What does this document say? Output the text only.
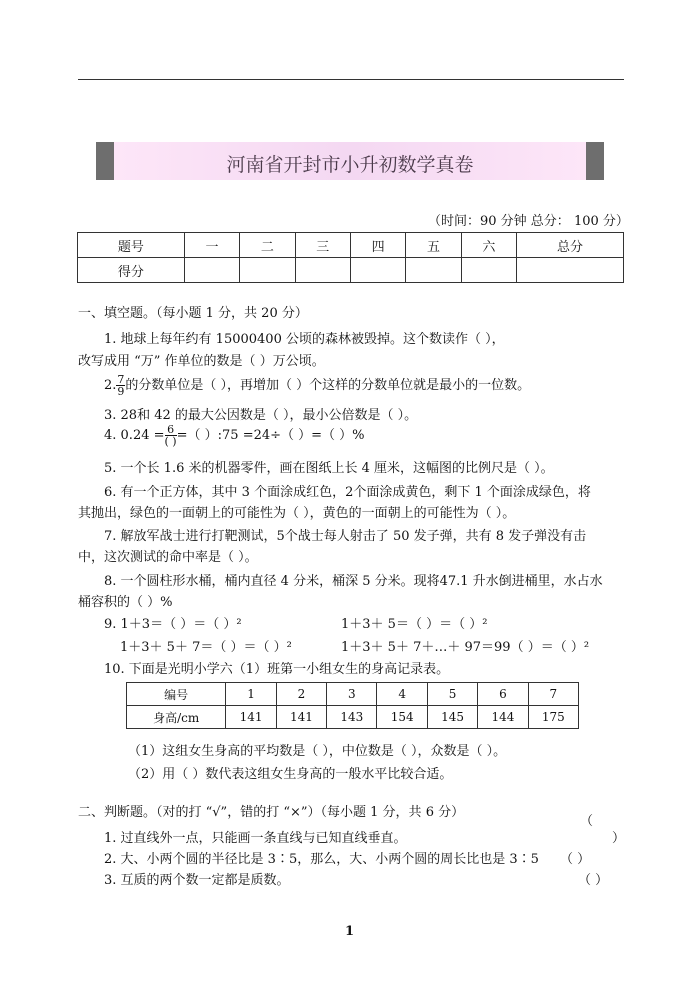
河南省开封市小升初数学真卷
（时间：90 分钟 总分： 100 分）
题号	一	二	三	四	五	六	总分
得分							
一、填空题。（每小题 1 分，共 20 分）
1. 地球上每年约有 15000400 公顷的森林被毁掉。这个数读作（ ），
改写成用 “万” 作单位的数是（ ）万公顷。
2. $\frac{7}{9}$ 的分数单位是（ ），再增加（ ）个这样的分数单位就是最小的一位数。
3. 28和 42 的最大公因数是（ ），最小公倍数是（ ）。
4. $0.24 = \frac{6}{( )}$ =（ ）:75 =24÷（ ）=（ ）%
5. 一个长 1.6 米的机器零件，画在图纸上长 4 厘米，这幅图的比例尺是（ ）。
6. 有一个正方体，其中 3 个面涂成红色，2个面涂成黄色，剩下 1 个面涂成绿色，将
其抛出，绿色的一面朝上的可能性为（ ），黄色的一面朝上的可能性为（ ）。
7. 解放军战士进行打靶测试，5个战士每人射击了 50 发子弹，共有 8 发子弹没有击
中，这次测试的命中率是（ ）。
8. 一个圆柱形水桶，桶内直径 4 分米，桶深 5 分米。现将47.1 升水倒进桶里，水占水
桶容积的（ ）%
9. 1＋3＝（ ）＝（ ）²	1＋3＋ 5＝（ ）＝（ ）²
1＋3＋ 5＋ 7＝（ ）＝（ ）²	1＋3＋ 5＋ 7＋…＋ 97＝99（ ）＝（ ）²
10. 下面是光明小学六（1）班第一小组女生的身高记录表。
编号	1	2	3	4	5	6	7
身高/cm	141	141	143	154	145	144	175
（1）这组女生身高的平均数是（ ），中位数是（ ），众数是（ ）。
（2）用（ ）数代表这组女生身高的一般水平比较合适。
二、判断题。（对的打 “√”，错的打 “×”）（每小题 1 分，共 6 分）
（
1. 过直线外一点，只能画一条直线与已知直线垂直。	）
2. 大、小两个圆的半径比是 3∶5，那么，大、小两个圆的周长比也是 3∶5 （ ）
3. 互质的两个数一定都是质数。	（ ）
1
